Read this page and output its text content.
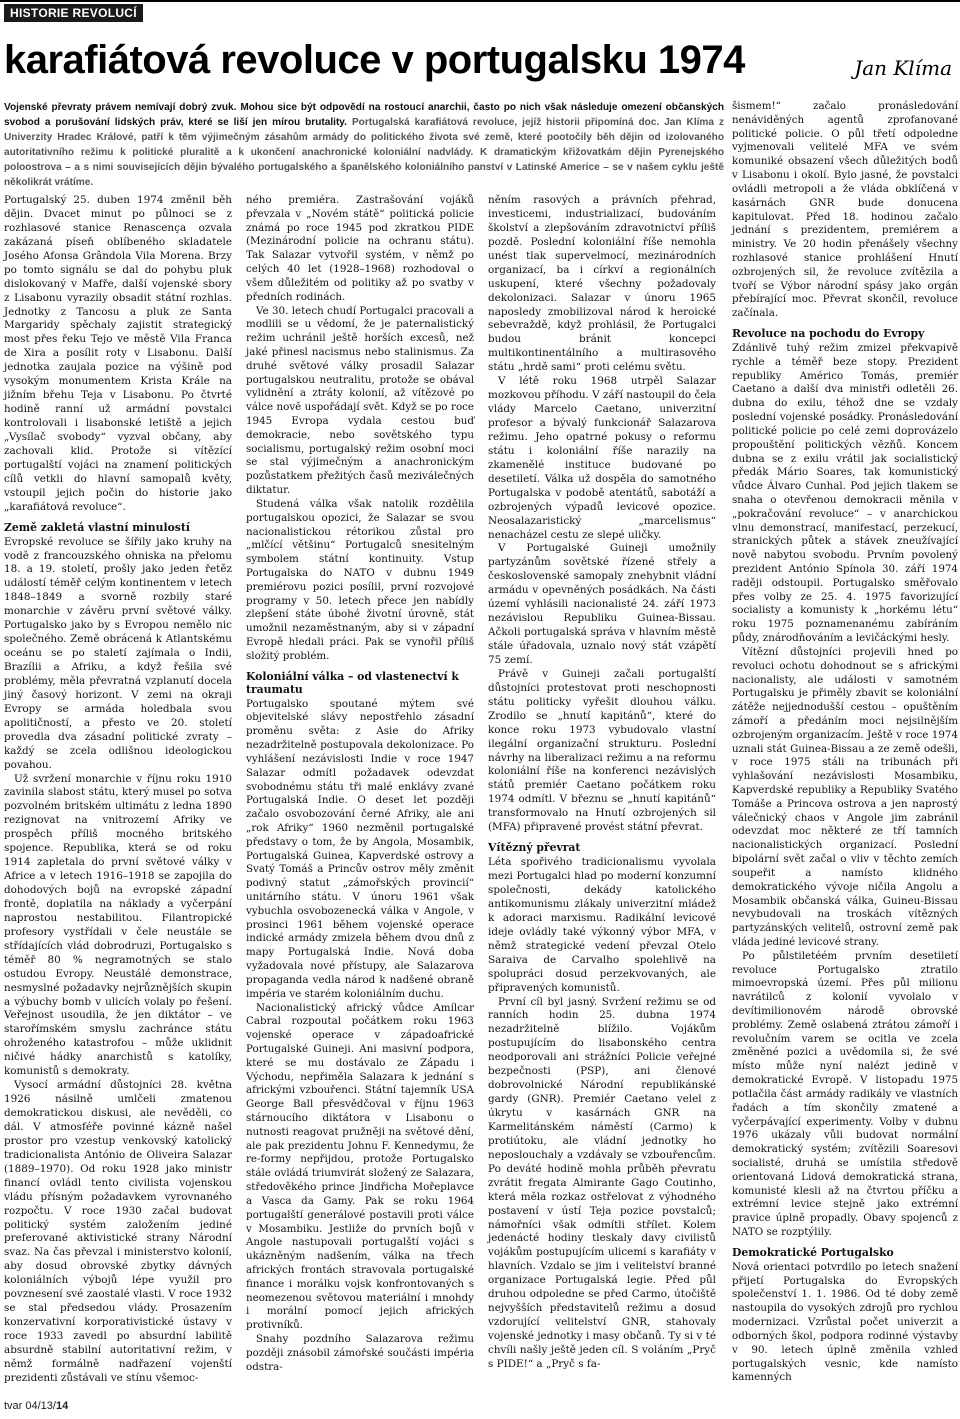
HISTORIE REVOLUCÍ
karafiátová revoluce v portugalsku 1974	Jan Klíma
Vojenské převraty právem nemívají dobrý zvuk. Mohou sice být odpovědí na rostoucí anarchii, často po nich však následuje omezení občanských svobod a porušování lidských práv, které se liší jen mírou brutality. Portugalská karafiátová revoluce, jejíž historii připomíná doc. Jan Klíma z Univerzity Hradec Králové, patří k těm výjimečným zásahům armády do politického života své země, které pootočily běh dějin od izolovaného autoritativního režimu k politické pluralitě a k ukončení anachronické koloniální nadvlády. K dramatickým křižovatkám dějin Pyrenejského poloostrova – a s nimi souvisejících dějin bývalého portugalského a španělského koloniálního panství v Latinské Americe – se v našem cyklu ještě několikrát vrátíme.

Portugalský 25. duben 1974 změnil běh dějin. Dvacet minut po půlnoci se z rozhlasové stanice Renascença ozvala zakázaná píseň oblíbeného skladatele Josého Afonsa Grândola Vila Morena. Brzy po tomto signálu se dal do pohybu pluk dislokovaný v Mafře, další vojenské sbory z Lisabonu vyrazily obsadit státní rozhlas. Jednotky z Tancosu a pluk ze Santa Margaridy spěchaly zajistit strategický most přes řeku Tejo ve městě Vila Franca de Xira a posílit roty v Lisabonu. Další jednotka zaujala pozice na výšině pod vysokým monumentem Krista Krále na jižním břehu Teja v Lisabonu. Po čtvrté hodině ranní už armádní povstalci kontrolovali i lisabonské letiště a jejich „Vysílač svobody“ vyzval občany, aby zachovali klid. Protože si vítězící portugalští vojáci na znamení politických cílů vetkli do hlavní samopalů květy, vstoupil jejich počin do historie jako „karafiátová revoluce“.

Země zakletá vlastní minulostí

Evropské revoluce se šířily jako kruhy na vodě z francouzského ohniska na přelomu 18. a 19. století, prošly jako jeden řetěz událostí téměř celým kontinentem v letech 1848–1849 a svorně rozbily staré monarchie v závěru první světové války. Portugalsko jako by s Evropou nemělo nic společného. Země obrácená k Atlantskému oceánu se po staletí zajímala o Indii, Brazílii a Afriku, a když řešila své problémy, měla převratná vzplanutí docela jiný časový horizont. V zemi na okraji Evropy se armáda holedbala svou apolitičností, a přesto ve 20. století provedla dva zásadní politické zvraty – každý se zcela odlišnou ideologickou povahou.

Už svržení monarchie v říjnu roku 1910 zavinila slabost státu, který musel po sotva pozvolném britském ultimátu z ledna 1890 rezignovat na vnitrozemí Afriky ve prospěch příliš mocného britského spojence. Republika, která se od roku 1914 zapletala do první světové války v Africe a v letech 1916–1918 se zapojila do dohodových bojů na evropské západní frontě, doplatila na náklady a vyčerpání naprostou nestabilitou. Filantropické profesory vystřídali v čele neustále se střídajících vlád dobrodruzi, Portugalsko s téměř 80 % negramotných se stalo ostudou Evropy. Neustálé demonstrace, nesmyslné požadavky nejrůznějších skupin a výbuchy bomb v ulicích volaly po řešení. Veřejnost usoudila, že jen diktátor – ve starořímském smyslu zachránce státu ohroženého katastrofou – může uklidnit ničivé hádky anarchistů s katolíky, komunistů s demokraty.

Vysocí armádní důstojníci 28. května 1926 násilně umlčeli zmatenou demokratickou diskusi, ale nevěděli, co dál. V atmosféře povinné kázně našel prostor pro vzestup venkovský katolický tradicionalista António de Oliveira Salazar (1889–1970). Od roku 1928 jako ministr financí ovládl tento civilista vojenskou vládu přísným požadavkem vyrovnaného rozpočtu. V roce 1930 začal budovat politický systém založením jediné preferované aktivistické strany Národní svaz. Na čas převzal i ministerstvo kolonií, aby dosud obrovské zbytky dávných koloniálních výbojů lépe využil pro povznesení své zaostalé vlasti. V roce 1932 se stal předsedou vlády. Prosazením konzervativní korporativistické ústavy v roce 1933 zavedl po absurdní labilitě absurdně stabilní autoritativní režim, v němž formálně nadřazení vojenští prezidenti zůstávali ve stínu všemoc-

ného premiéra. Zastrašování vojáků převzala v „Novém státě“ politická policie známá po roce 1945 pod zkratkou PIDE (Mezinárodní policie na ochranu státu). Tak Salazar vytvořil systém, v němž po celých 40 let (1928–1968) rozhodoval o všem důležitém od politiky až po svatby v předních rodinách.

Ve 30. letech chudí Portugalci pracovali a modlili se u vědomí, že je paternalistický režim uchránil ještě horších excesů, než jaké přinesl nacismus nebo stalinismus. Za druhé světové války prosadil Salazar portugalskou neutralitu, protože se obával vylidnění a ztráty kolonií, až vítězové po válce nově uspořádají svět. Když se po roce 1945 Evropa vydala cestou buď demokracie, nebo sovětského typu socialismu, portugalský režim osobní moci se stal výjimečným a anachronickým pozůstatkem přežitých časů meziválečných diktatur.

Studená válka však natolik rozdělila portugalskou opozici, že Salazar se svou nacionalistickou rétorikou zůstal pro „mlčící většinu“ Portugalců snesitelným symbolem státní kontinuity. Vstup Portugalska do NATO v dubnu 1949 premiérovu pozici posílil, první rozvojové programy v 50. letech přece jen nabídly zlepšení státe úbohé životní úrovně, stát umožnil nezaměstnaným, aby si v západní Evropě hledali práci. Pak se vynořil příliš složitý problém.

Koloniální válka – od vlastenectví k traumatu

Portugalsko spoutané mýtem své objevitelské slávy nepostřehlo zásadní proměnu světa: z Asie do Afriky nezadržitelně postupovala dekolonizace. Po vyhlášení nezávislosti Indie v roce 1947 Salazar odmítl požadavek odevzdat svobodnému státu tři malé enklávy zvané Portugalská Indie. O deset let později začalo osvobozování černé Afriky, ale ani „rok Afriky“ 1960 nezměnil portugalské představy o tom, že by Angola, Mosambik, Portugalská Guinea, Kapverdské ostrovy a Svatý Tomáš a Princův ostrov měly změnit podivný statut „zámořských provincií“ unitárního státu. V únoru 1961 však vybuchla osvobozenecká válka v Angole, v prosinci 1961 během vojenské operace indické armády zmizela během dvou dnů z mapy Portugalská Indie. Nová doba vyžadovala nové přístupy, ale Salazarova propaganda vedla národ k nadšené obraně impéria ve starém koloniálním duchu.

Nacionalistický africký vůdce Amílcar Cabral rozpoutal počátkem roku 1963 vojenské operace v západoafrické Portugalské Guineji. Ani masivní podpora, které se mu dostávalo ze Západu i Východu, nepřiměla Salazara k jednání s africkými vzbouřenci. Státní tajemník USA George Ball přesvědčoval v říjnu 1963 stárnoucího diktátora v Lisabonu o nutnosti reagovat pružněji na světové dění, ale pak prezidentu Johnu F. Kennedymu, že re-formy nepřijdou, protože Portugalsko stále ovládá triumvirát složený ze Salazara, středověkého prince Jindřicha Mořeplavce a Vasca da Gamy. Pak se roku 1964 portugalští generálové postavili proti válce v Mosambiku. Jestliže do prvních bojů v Angole nastupovali portugalští vojáci s ukázněným nadšením, válka na třech afrických frontách stravovala portugalské finance i morálku vojsk konfrontovaných s neomezenou světovou materiální i mnohdy i morální pomocí jejich afrických protivníků.

Snahy pozdního Salazarova režimu později znásobil zámořské součásti impéria odstra-

něním rasových a právních přehrad, investicemi, industrializací, budováním školství a zlepšováním zdravotnictví příliš pozdě. Poslední koloniální říše nemohla unést tlak supervelmocí, mezinárodních organizací, ba i církví a regionálních uskupení, které všechny požadovaly dekolonizaci. Salazar v únoru 1965 naposledy zmobilizoval národ k heroické sebevraždě, když prohlásil, že Portugalci budou bránit koncepci multikontinentálního a multirasového státu „hrdě sami“ proti celému světu.

V létě roku 1968 utrpěl Salazar mozkovou příhodu. V září nastoupil do čela vlády Marcelo Caetano, univerzitní profesor a bývalý funkcionář Salazarova režimu. Jeho opatrné pokusy o reformu státu i koloniální říše narazily na zkamenělé instituce budované po desetiletí. Válka už dospěla do samotného Portugalska v podobě atentátů, sabotáží a ozbrojených výpadů levicové opozice. Neosalazaristický „marcelismus“ nenacházel cestu ze slepé uličky.

V Portugalské Guineji umožnily partyzánům sovětské řízené střely a československé samopaly znehybnit vládní armádu v opevněných posádkách. Na části území vyhlásili nacionalisté 24. září 1973 nezávislou Republiku Guinea-Bissau. Ačkoli portugalská správa v hlavním městě stále úřadovala, uznalo nový stát vzápětí 75 zemí.

Právě v Guineji začali portugalští důstojníci protestovat proti neschopnosti státu politicky vyřešit dlouhou válku. Zrodilo se „hnutí kapitánů“, které do konce roku 1973 vybudovalo vlastní ilegální organizační strukturu. Poslední návrhy na liberalizaci režimu a na reformu koloniální říše na konferenci nezávislých států premiér Caetano počátkem roku 1974 odmítl. V březnu se „hnutí kapitánů“ transformovalo na Hnutí ozbrojených sil (MFA) připravené provést státní převrat.

Vítězný převrat

Léta spořivého tradicionalismu vyvolala mezi Portugalci hlad po moderní konzumní společnosti, dekády katolického antikomunismu zlákaly univerzitní mládež k adoraci marxismu. Radikální levicové ideje ovládly také výkonný výbor MFA, v němž strategické vedení převzal Otelo Saraiva de Carvalho spolehlivě na spolupráci dosud perzekvovaných, ale připravených komunistů.

První cíl byl jasný. Svržení režimu se od ranních hodin 25. dubna 1974 nezadržitelně blížilo. Vojákům postupujícím do lisabonského centra neodporovali ani strážníci Policie veřejné bezpečnosti (PSP), ani členové dobrovolnické Národní republikánské gardy (GNR). Premiér Caetano velel z úkrytu v kasárnách GNR na Karmelitánském náměstí (Carmo) k protiútoku, ale vládní jednotky ho neposlouchaly a vzdávaly se vzbouřencům. Po deváté hodině mohla průběh převratu zvrátit fregata Almirante Gago Coutinho, která měla rozkaz ostřelovat z výhodného postavení v ústí Teja pozice povstalců; námořníci však odmítli střílet. Kolem jedenácté hodiny tleskaly davy civilistů vojákům postupujícím ulicemi s karafiáty v hlavních. Vzdalo se jim i velitelství branné organizace Portugalská legie. Před půl druhou odpoledne se před Carmo, útočiště nejvyšších představitelů režimu a dosud vzdorující velitelství GNR, stahovaly vojenské jednotky i masy občanů. Ty si v té chvíli našly ještě jeden cíl. S voláním „Pryč s PIDE!“ a „Pryč s fa-

šismem!“ začalo pronásledování nenáviděných agentů zprofanované politické policie. O půl třetí odpoledne vyjmenovali velitelé MFA ve svém komuniké obsazení všech důležitých bodů v Lisabonu i okolí. Bylo jasné, že povstalci ovládli metropoli a že vláda obklíčená v kasárnách GNR bude donucena kapitulovat. Před 18. hodinou začalo jednání s prezidentem, premiérem a ministry. Ve 20 hodin přenášely všechny rozhlasové stanice prohlášení Hnutí ozbrojených sil, že revoluce zvítězila a tvoří se Výbor národní spásy jako orgán přebírající moc. Převrat skončil, revoluce začínala.

Revoluce na pochodu do Evropy

Zdánlivě tuhý režim zmizel překvapivě rychle a téměř beze stopy. Prezident republiky Américo Tomás, premiér Caetano a další dva ministři odletěli 26. dubna do exilu, téhož dne se vzdaly poslední vojenské posádky. Pronásledování politické policie po celé zemi doprovázelo propouštění politických vězňů. Koncem dubna se z exilu vrátil jak socialistický předák Mário Soares, tak komunistický vůdce Álvaro Cunhal. Pod jejich tlakem se snaha o otevřenou demokracii měnila v „pokračování revoluce“ – v anarchickou vlnu demonstrací, manifestací, perzekucí, stranických půtek a stávek zneužívající nově nabytou svobodu. Prvním povolený prezident António Spínola 30. září 1974 raději odstoupil. Portugalsko směřovalo přes volby ze 25. 4. 1975 favorizující socialisty a komunisty k „horkému létu“ roku 1975 poznamenanému zabíráním půdy, znárodňováním a levičáckými hesly.

Vítězní důstojníci projevili hned po revoluci ochotu dohodnout se s africkými nacionalisty, ale události v samotném Portugalsku je přiměly zbavit se koloniální zátěže nejjednodušší cestou – opuštěním zámoří a předáním moci nejsilnějším ozbrojeným organizacím. Ještě v roce 1974 uznali stát Guinea-Bissau a ze země odešli, v roce 1975 stáli na tribunách při vyhlašování nezávislosti Mosambiku, Kapverdské republiky a Republiky Svatého Tomáše a Princova ostrova a jen naprostý válečnický chaos v Angole jim zabránil odevzdat moc některé ze tří tamních nacionalistických organizací. Poslední bipolární svět začal o vliv v těchto zemích soupeřit a namísto klidného demokratického vývoje ničila Angolu a Mosambik občanská válka, Guineu-Bissau nevybudovali na troskách vítězných partyzánských velitelů, ostrovní země pak vláda jediné levicové strany.

Po půlstiletéém prvním desetiletí revoluce Portugalsko ztratilo mimoevropská území. Přes půl milionu navrátilců z kolonií vyvolalo v devítimilionovém národě obrovské problémy. Země oslabená ztrátou zámoří i revolučním varem se ocitla ve zcela změněné pozici a uvědomila si, že své místo může nyní nalézt jedině v demokratické Evropě. V listopadu 1975 potlačila část armády radikály ve vlastních řadách a tím skončily zmatené a vyčerpávající experimenty. Volby v dubnu 1976 ukázaly vůli budovat normální demokratický systém; zvítězili Soaresovi socialisté, druhá se umístila středově orientovaná Lidová demokratická strana, komunisté klesli až na čtvrtou příčku a extrémní levice stejně jako extrémní pravice úplně propadly. Obavy spojenců z NATO se rozptýlily.

Demokratické Portugalsko

Nová orientaci potvrdilo po letech snažení přijetí Portugalska do Evropských společenství 1. 1. 1986. Od té doby země nastoupila do vysokých zdrojů pro rychlou modernizaci. Vzrůstal počet univerzit a odborných škol, podpora rodinné výstavby v 90. letech úplně změnila vzhled portugalských vesnic, kde namísto kamenných

tvar 04/13/14
